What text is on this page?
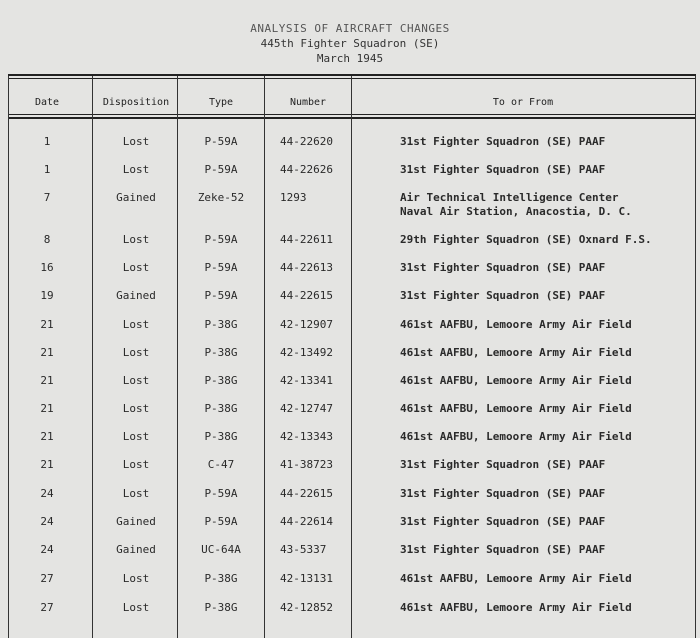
ANALYSIS OF AIRCRAFT CHANGES
445th Fighter Squadron (SE)
March 1945
Date	Disposition	Type	Number	To or From
1	Lost	P-59A	44-22620	31st Fighter Squadron (SE) PAAF
1	Lost	P-59A	44-22626	31st Fighter Squadron (SE) PAAF
7	Gained	Zeke-52	1293	Air Technical Intelligence Center
Naval Air Station, Anacostia, D. C.
8	Lost	P-59A	44-22611	29th Fighter Squadron (SE) Oxnard F.S.
16	Lost	P-59A	44-22613	31st Fighter Squadron (SE) PAAF
19	Gained	P-59A	44-22615	31st Fighter Squadron (SE) PAAF
21	Lost	P-38G	42-12907	461st AAFBU, Lemoore Army Air Field
21	Lost	P-38G	42-13492	461st AAFBU, Lemoore Army Air Field
21	Lost	P-38G	42-13341	461st AAFBU, Lemoore Army Air Field
21	Lost	P-38G	42-12747	461st AAFBU, Lemoore Army Air Field
21	Lost	P-38G	42-13343	461st AAFBU, Lemoore Army Air Field
21	Lost	C-47	41-38723	31st Fighter Squadron (SE) PAAF
24	Lost	P-59A	44-22615	31st Fighter Squadron (SE) PAAF
24	Gained	P-59A	44-22614	31st Fighter Squadron (SE) PAAF
24	Gained	UC-64A	43-5337	31st Fighter Squadron (SE) PAAF
27	Lost	P-38G	42-13131	461st AAFBU, Lemoore Army Air Field
27	Lost	P-38G	42-12852	461st AAFBU, Lemoore Army Air Field
